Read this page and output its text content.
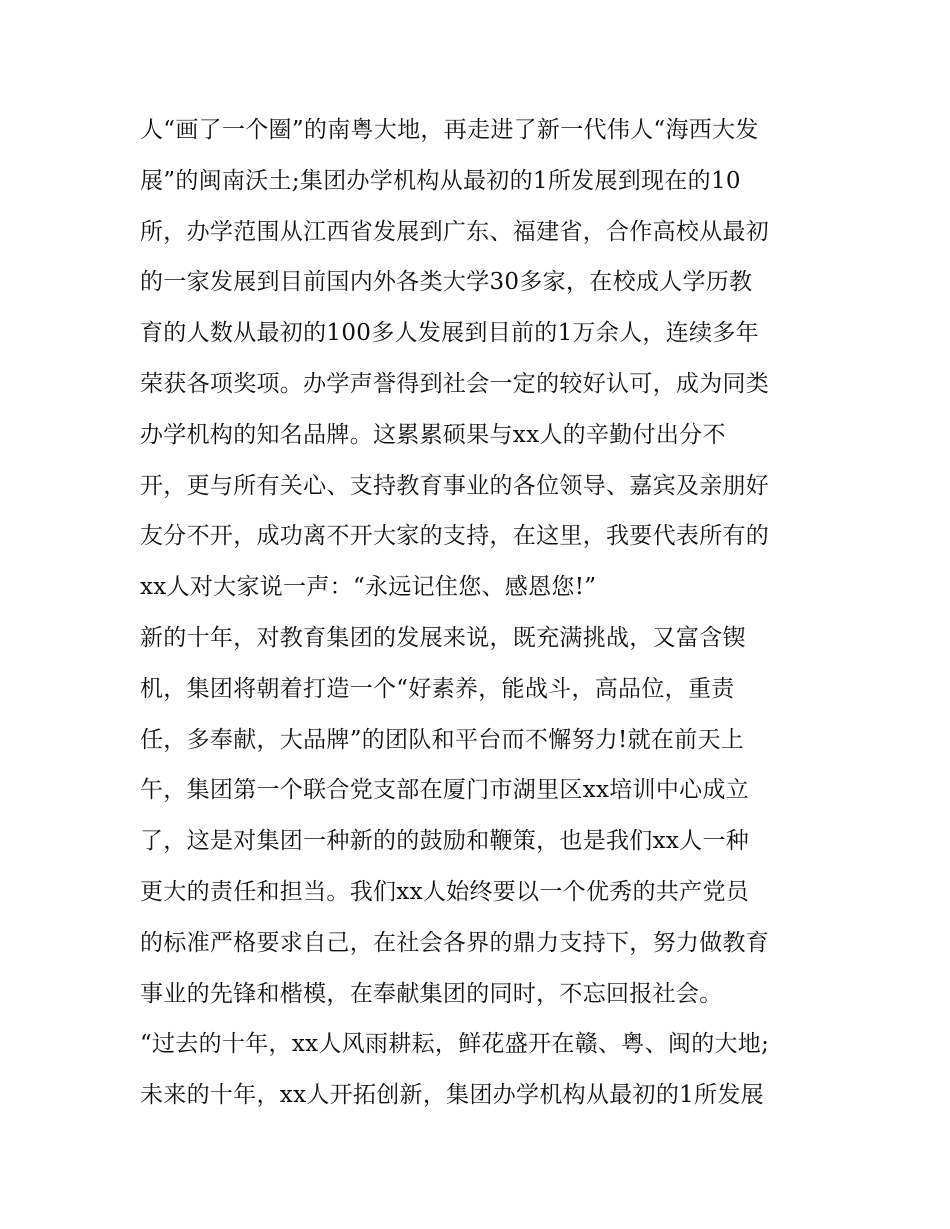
人“画了一个圈”的南粤大地，再走进了新一代伟人“海西大发
展”的闽南沃土;集团办学机构从最初的1所发展到现在的10
所，办学范围从江西省发展到广东、福建省，合作高校从最初
的一家发展到目前国内外各类大学30多家，在校成人学历教
育的人数从最初的100多人发展到目前的1万余人，连续多年
荣获各项奖项。办学声誉得到社会一定的较好认可，成为同类
办学机构的知名品牌。这累累硕果与xx人的辛勤付出分不
开，更与所有关心、支持教育事业的各位领导、嘉宾及亲朋好
友分不开，成功离不开大家的支持，在这里，我要代表所有的
xx人对大家说一声：“永远记住您、感恩您!”
新的十年，对教育集团的发展来说，既充满挑战，又富含锲
机，集团将朝着打造一个“好素养，能战斗，高品位，重责
任，多奉献，大品牌”的团队和平台而不懈努力!就在前天上
午，集团第一个联合党支部在厦门市湖里区xx培训中心成立
了，这是对集团一种新的的鼓励和鞭策，也是我们xx人一种
更大的责任和担当。我们xx人始终要以一个优秀的共产党员
的标准严格要求自己，在社会各界的鼎力支持下，努力做教育
事业的先锋和楷模，在奉献集团的同时，不忘回报社会。
“过去的十年，xx人风雨耕耘，鲜花盛开在赣、粤、闽的大地;
未来的十年，xx人开拓创新，集团办学机构从最初的1所发展
